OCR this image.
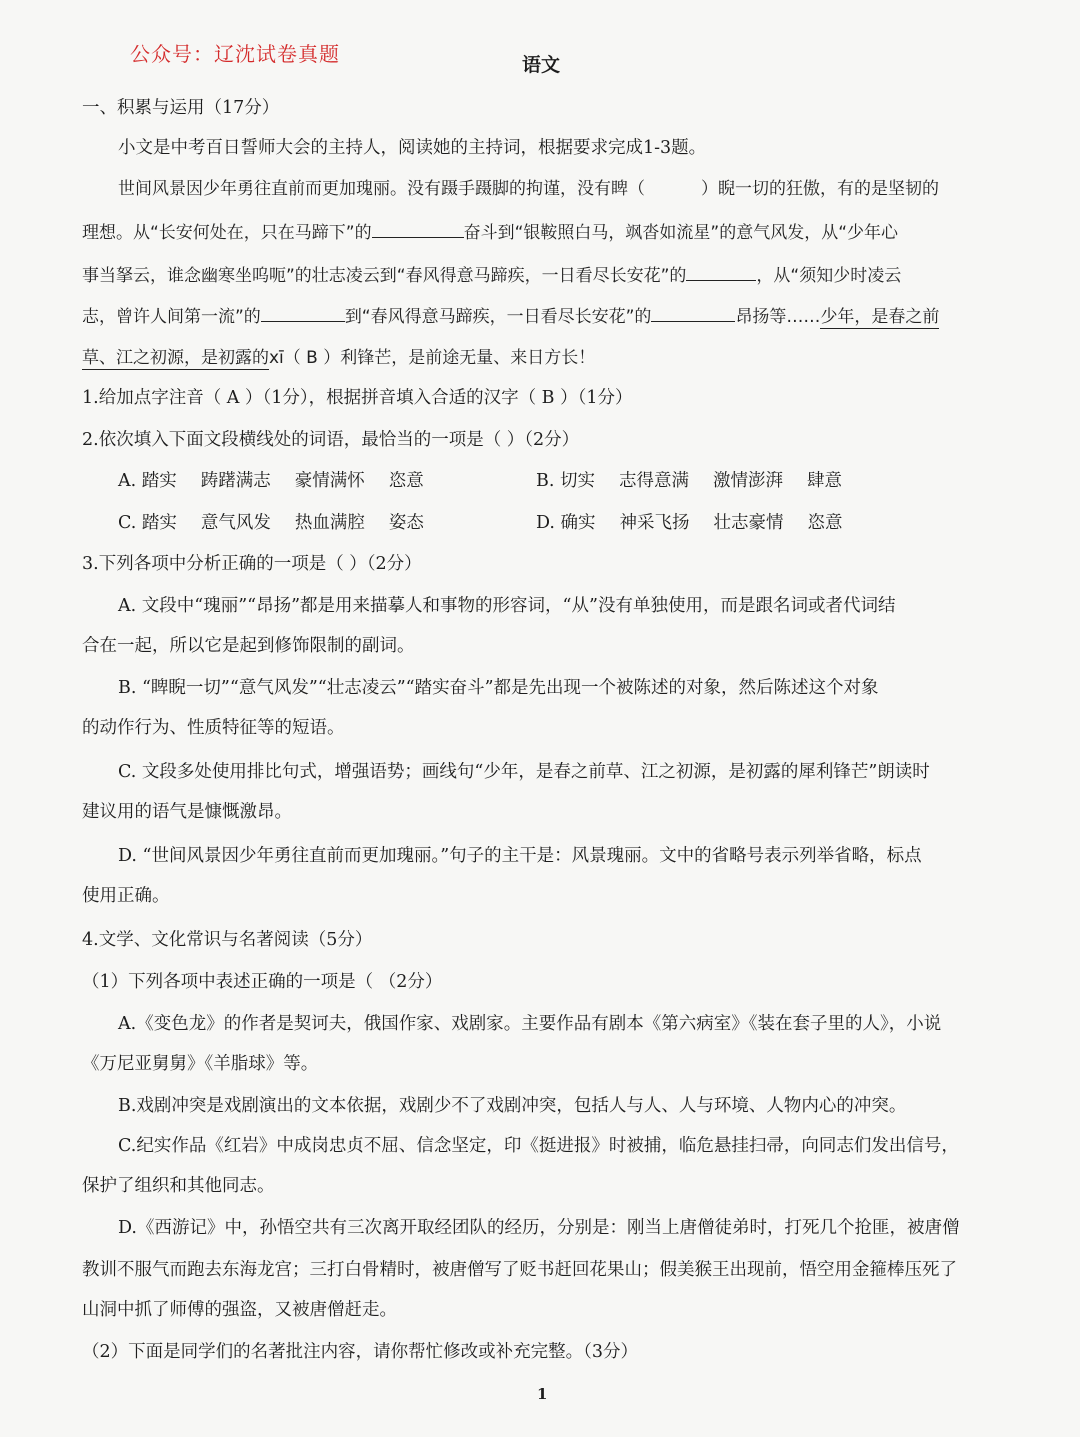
公众号：辽沈试卷真题	语文
一、积累与运用（17分）
小文是中考百日誓师大会的主持人，阅读她的主持词，根据要求完成1-3题。
世间风景因少年勇往直前而更加瑰丽。没有蹑手蹑脚的拘谨，没有睥（	）睨一切的狂傲，有的是坚韧的
理想。从“长安何处在，只在马蹄下”的	奋斗到“银鞍照白马，飒沓如流星”的意气风发，从“少年心
事当拏云，谁念幽寒坐呜呃”的壮志凌云到“春风得意马蹄疾，一日看尽长安花”的	，从“须知少时凌云
志，曾许人间第一流”的	到“春风得意马蹄疾，一日看尽长安花”的	昂扬等……少年，是春之前
草、江之初源，是初露的xī（ B ）利锋芒，是前途无量、来日方长！
1.给加点字注音（ A ）（1分），根据拼音填入合适的汉字（ B ）（1分）
2.依次填入下面文段横线处的词语，最恰当的一项是（ ）（2分）
A. 踏实 踌躇满志 豪情满怀 恣意	B. 切实 志得意满 激情澎湃 肆意
C. 踏实 意气风发 热血满腔 姿态	D. 确实 神采飞扬 壮志豪情 恣意
3.下列各项中分析正确的一项是（ ）（2分）
A. 文段中“瑰丽”“昂扬”都是用来描摹人和事物的形容词，“从”没有单独使用，而是跟名词或者代词结
合在一起，所以它是起到修饰限制的副词。
B. “睥睨一切”“意气风发”“壮志凌云”“踏实奋斗”都是先出现一个被陈述的对象，然后陈述这个对象
的动作行为、性质特征等的短语。
C. 文段多处使用排比句式，增强语势；画线句“少年，是春之前草、江之初源，是初露的犀利锋芒”朗读时
建议用的语气是慷慨激昂。
D. “世间风景因少年勇往直前而更加瑰丽。”句子的主干是：风景瑰丽。文中的省略号表示列举省略，标点
使用正确。
4.文学、文化常识与名著阅读（5分）
（1）下列各项中表述正确的一项是（ （2分）
A.《变色龙》的作者是契诃夫，俄国作家、戏剧家。主要作品有剧本《第六病室》《装在套子里的人》，小说
《万尼亚舅舅》《羊脂球》等。
B.戏剧冲突是戏剧演出的文本依据，戏剧少不了戏剧冲突，包括人与人、人与环境、人物内心的冲突。
C.纪实作品《红岩》中成岗忠贞不屈、信念坚定，印《挺进报》时被捕，临危悬挂扫帚，向同志们发出信号，
保护了组织和其他同志。
D.《西游记》中，孙悟空共有三次离开取经团队的经历，分别是：刚当上唐僧徒弟时，打死几个抢匪，被唐僧
教训不服气而跑去东海龙宫；三打白骨精时，被唐僧写了贬书赶回花果山；假美猴王出现前，悟空用金箍棒压死了
山洞中抓了师傅的强盗，又被唐僧赶走。
（2）下面是同学们的名著批注内容，请你帮忙修改或补充完整。（3分）
1
